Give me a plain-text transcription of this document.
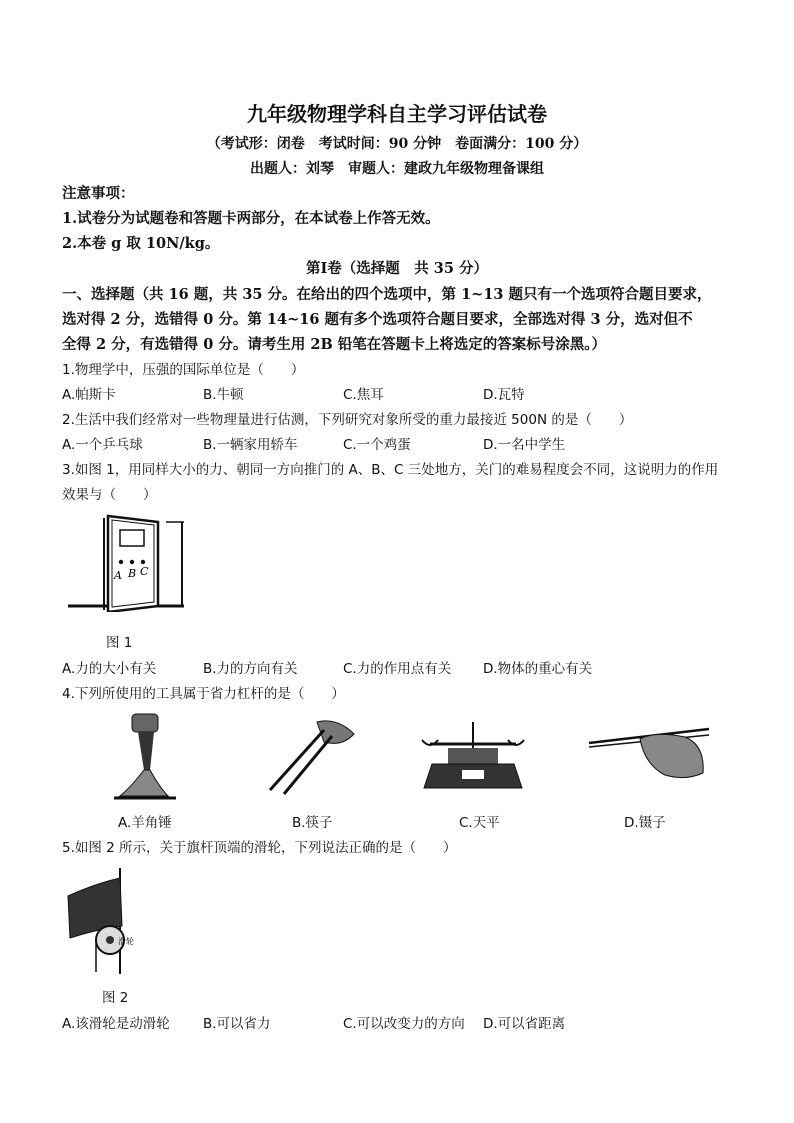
九年级物理学科自主学习评估试卷
（考试形：闭卷　考试时间：90 分钟　卷面满分：100 分）
出题人：刘琴　审题人：建政九年级物理备课组
注意事项：
1.试卷分为试题卷和答题卡两部分，在本试卷上作答无效。
2.本卷 g 取 10N/kg。
第Ⅰ卷（选择题　共 35 分）
一、选择题（共 16 题，共 35 分。在给出的四个选项中，第 1~13 题只有一个选项符合题目要求，
选对得 2 分，选错得 0 分。第 14~16 题有多个选项符合题目要求，全部选对得 3 分，选对但不
全得 2 分，有选错得 0 分。请考生用 2B 铅笔在答题卡上将选定的答案标号涂黑。）
1.物理学中，压强的国际单位是（　　）
A.帕斯卡	B.牛顿	C.焦耳	D.瓦特
2.生活中我们经常对一些物理量进行估测，下列研究对象所受的重力最接近 500N 的是（　　）
A.一个乒乓球	B.一辆家用轿车	C.一个鸡蛋	D.一名中学生
3.如图 1，用同样大小的力、朝同一方向推门的 A、B、C 三处地方，关门的难易程度会不同，这说明力的作用
效果与（　　）
A B C
图 1
A.力的大小有关	B.力的方向有关	C.力的作用点有关 D.物体的重心有关
4.下列所使用的工具属于省力杠杆的是（　　）
A.羊角锤	B.筷子	C.天平	D.镊子
5.如图 2 所示，关于旗杆顶端的滑轮，下列说法正确的是（　　）
滑轮
图 2
A.该滑轮是动滑轮 B.可以省力	C.可以改变力的方向 D.可以省距离
